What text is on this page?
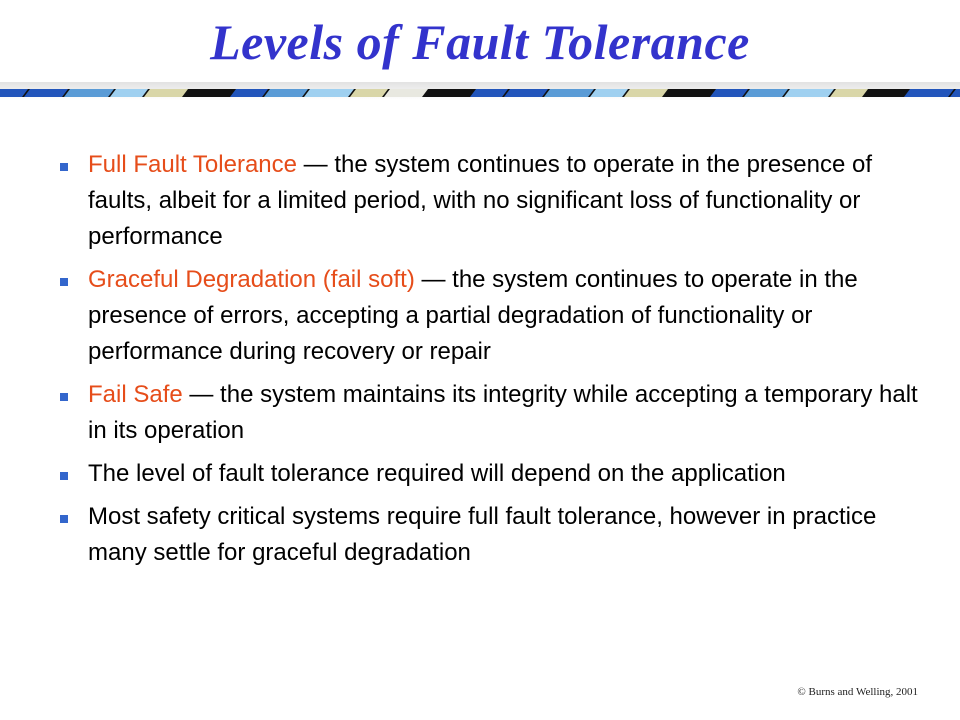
Levels of Fault Tolerance
Full Fault Tolerance — the system continues to operate in the presence of faults, albeit for a limited period, with no significant loss of functionality or performance
Graceful Degradation (fail soft) — the system continues to operate in the presence of errors, accepting a partial degradation of functionality or performance during recovery or repair
Fail Safe — the system maintains its integrity while accepting a temporary halt in its operation
The level of fault tolerance required will depend on the application
Most safety critical systems require full fault tolerance, however in practice many settle for graceful degradation
© Burns and Welling, 2001
